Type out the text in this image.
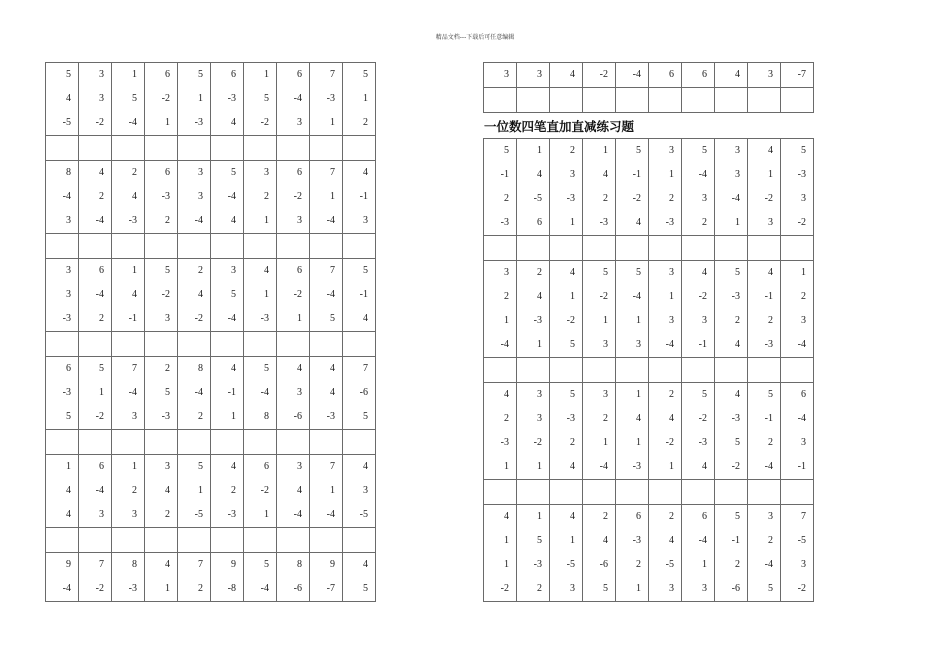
精品文档---下载后可任意编辑
5	3	1	6	5	6	1	6	7	5
4	3	5	-2	1	-3	5	-4	-3	1
-5	-2	-4	1	-3	4	-2	3	1	2

8	4	2	6	3	5	3	6	7	4
-4	2	4	-3	3	-4	2	-2	1	-1
3	-4	-3	2	-4	4	1	3	-4	3

3	6	1	5	2	3	4	6	7	5
3	-4	4	-2	4	5	1	-2	-4	-1
-3	2	-1	3	-2	-4	-3	1	5	4

6	5	7	2	8	4	5	4	4	7
-3	1	-4	5	-4	-1	-4	3	4	-6
5	-2	3	-3	2	1	8	-6	-3	5

1	6	1	3	5	4	6	3	7	4
4	-4	2	4	1	2	-2	4	1	3
4	3	3	2	-5	-3	1	-4	-4	-5

9	7	8	4	7	9	5	8	9	4
-4	-2	-3	1	2	-8	-4	-6	-7	5
3	3	4	-2	-4	6	6	4	3	-7

一位数四笔直加直减练习题
5	1	2	1	5	3	5	3	4	5
-1	4	3	4	-1	1	-4	3	1	-3
2	-5	-3	2	-2	2	3	-4	-2	3
-3	6	1	-3	4	-3	2	1	3	-2

3	2	4	5	5	3	4	5	4	1
2	4	1	-2	-4	1	-2	-3	-1	2
1	-3	-2	1	1	3	3	2	2	3
-4	1	5	3	3	-4	-1	4	-3	-4

4	3	5	3	1	2	5	4	5	6
2	3	-3	2	4	4	-2	-3	-1	-4
-3	-2	2	1	1	-2	-3	5	2	3
1	1	4	-4	-3	1	4	-2	-4	-1

4	1	4	2	6	2	6	5	3	7
1	5	1	4	-3	4	-4	-1	2	-5
1	-3	-5	-6	2	-5	1	2	-4	3
-2	2	3	5	1	3	3	-6	5	-2
